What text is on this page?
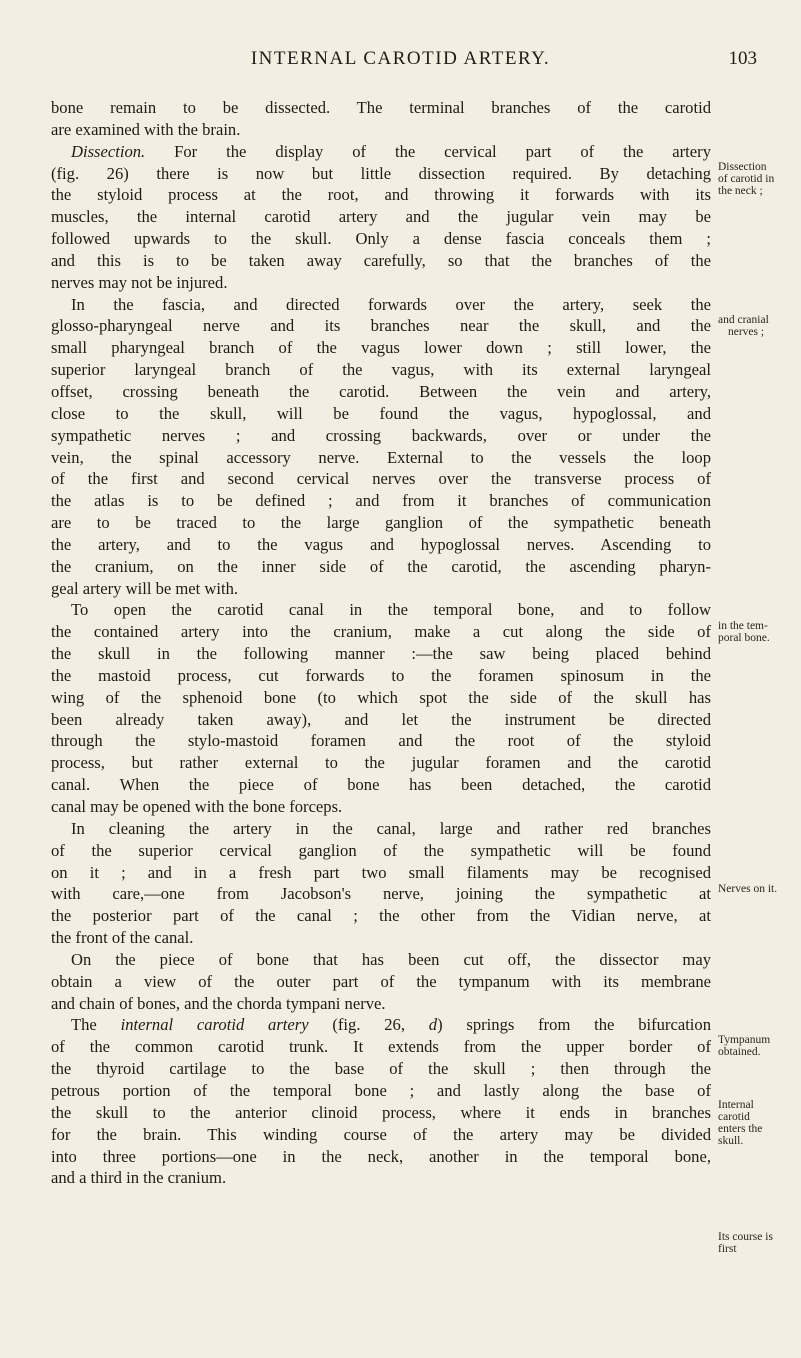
INTERNAL CAROTID ARTERY.	103

bone remain to be dissected. The terminal branches of the carotid
are examined with the brain.

Dissection. For the display of the cervical part of the artery
(fig. 26) there is now but little dissection required. By detaching
the styloid process at the root, and throwing it forwards with its
muscles, the internal carotid artery and the jugular vein may be
followed upwards to the skull. Only a dense fascia conceals them ;
and this is to be taken away carefully, so that the branches of the
nerves may not be injured.

In the fascia, and directed forwards over the artery, seek the
glosso-pharyngeal nerve and its branches near the skull, and the
small pharyngeal branch of the vagus lower down ; still lower, the
superior laryngeal branch of the vagus, with its external laryngeal
offset, crossing beneath the carotid. Between the vein and artery,
close to the skull, will be found the vagus, hypoglossal, and
sympathetic nerves ; and crossing backwards, over or under the
vein, the spinal accessory nerve. External to the vessels the loop
of the first and second cervical nerves over the transverse process of
the atlas is to be defined ; and from it branches of communication
are to be traced to the large ganglion of the sympathetic beneath
the artery, and to the vagus and hypoglossal nerves. Ascending to
the cranium, on the inner side of the carotid, the ascending pharyn-
geal artery will be met with.

To open the carotid canal in the temporal bone, and to follow
the contained artery into the cranium, make a cut along the side of
the skull in the following manner :—the saw being placed behind
the mastoid process, cut forwards to the foramen spinosum in the
wing of the sphenoid bone (to which spot the side of the skull has
been already taken away), and let the instrument be directed
through the stylo-mastoid foramen and the root of the styloid
process, but rather external to the jugular foramen and the carotid
canal. When the piece of bone has been detached, the carotid
canal may be opened with the bone forceps.

In cleaning the artery in the canal, large and rather red branches
of the superior cervical ganglion of the sympathetic will be found
on it ; and in a fresh part two small filaments may be recognised
with care,—one from Jacobson's nerve, joining the sympathetic at
the posterior part of the canal ; the other from the Vidian nerve, at
the front of the canal.

On the piece of bone that has been cut off, the dissector may
obtain a view of the outer part of the tympanum with its membrane
and chain of bones, and the chorda tympani nerve.

The internal carotid artery (fig. 26, d) springs from the bifurcation
of the common carotid trunk. It extends from the upper border of
the thyroid cartilage to the base of the skull ; then through the
petrous portion of the temporal bone ; and lastly along the base of
the skull to the anterior clinoid process, where it ends in branches
for the brain. This winding course of the artery may be divided
into three portions—one in the neck, another in the temporal bone,
and a third in the cranium.

Dissection
of carotid in
the neck ;
and cranial
nerves ;
in the tem-
poral bone.
Nerves on it.
Tympanum
obtained.
Internal
carotid
enters the
skull.
Its course is
first
